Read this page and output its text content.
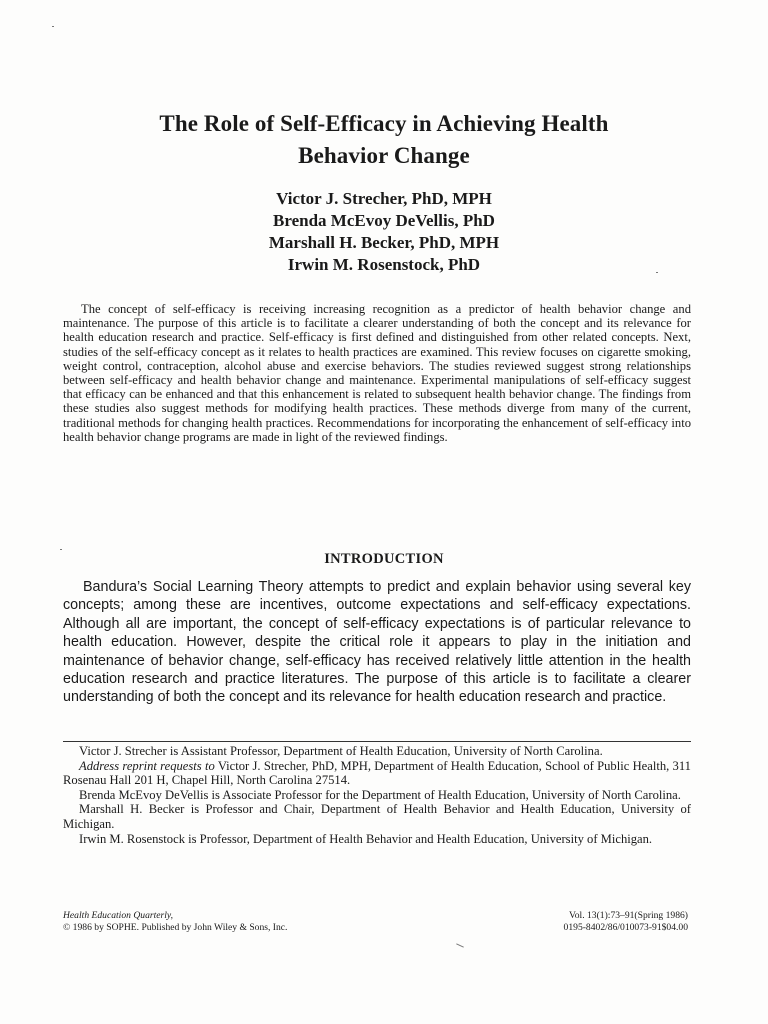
The Role of Self-Efficacy in Achieving Health
Behavior Change
Victor J. Strecher, PhD, MPH
Brenda McEvoy DeVellis, PhD
Marshall H. Becker, PhD, MPH
Irwin M. Rosenstock, PhD

The concept of self-efficacy is receiving increasing recognition as a predictor of health behavior change and maintenance. The purpose of this article is to facilitate a clearer understanding of both the concept and its relevance for health education research and practice. Self-efficacy is first defined and distinguished from other related concepts. Next, studies of the self-efficacy concept as it relates to health practices are examined. This review focuses on cigarette smoking, weight control, contraception, alcohol abuse and exercise behaviors. The studies reviewed suggest strong relationships between self-efficacy and health behavior change and maintenance. Experimental manipulations of self-efficacy suggest that efficacy can be enhanced and that this enhancement is related to subsequent health behavior change. The findings from these studies also suggest methods for modifying health practices. These methods diverge from many of the current, traditional methods for changing health practices. Recommendations for incorporating the enhancement of self-efficacy into health behavior change programs are made in light of the reviewed findings.

INTRODUCTION

Bandura’s Social Learning Theory attempts to predict and explain behavior using several key concepts; among these are incentives, outcome expectations and self-efficacy expectations. Although all are important, the concept of self-efficacy expectations is of particular relevance to health education. However, despite the critical role it appears to play in the initiation and maintenance of behavior change, self-efficacy has received relatively little attention in the health education research and practice literatures. The purpose of this article is to facilitate a clearer understanding of both the concept and its relevance for health education research and practice.

Victor J. Strecher is Assistant Professor, Department of Health Education, University of North Carolina.

Address reprint requests to Victor J. Strecher, PhD, MPH, Department of Health Education, School of Public Health, 311 Rosenau Hall 201 H, Chapel Hill, North Carolina 27514.

Brenda McEvoy DeVellis is Associate Professor for the Department of Health Education, University of North Carolina.

Marshall H. Becker is Professor and Chair, Department of Health Behavior and Health Education, University of Michigan.

Irwin M. Rosenstock is Professor, Department of Health Behavior and Health Education, University of Michigan.

Health Education Quarterly,
© 1986 by SOPHE. Published by John Wiley & Sons, Inc.
Vol. 13(1):73–91(Spring 1986)
0195-8402/86/010073-91$04.00
